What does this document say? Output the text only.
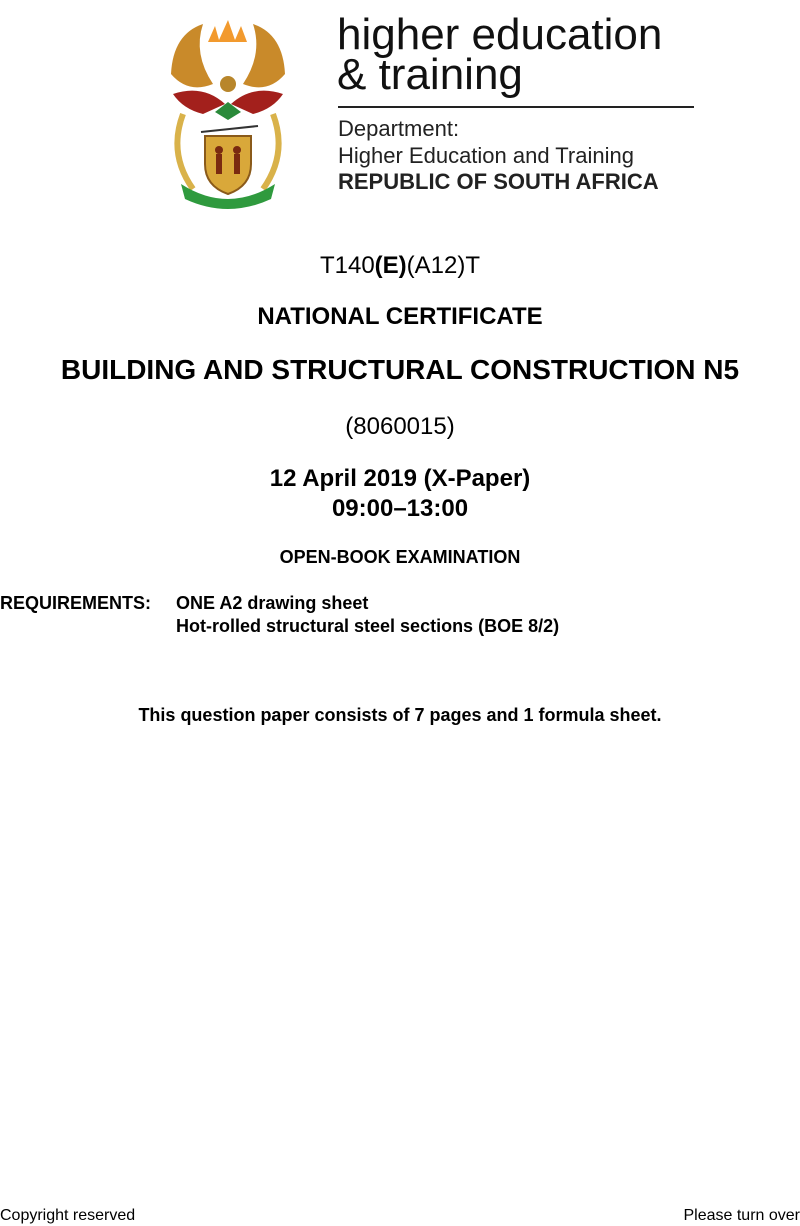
higher education
& training
Department:
Higher Education and Training
REPUBLIC OF SOUTH AFRICA
T140(E)(A12)T
NATIONAL CERTIFICATE
BUILDING AND STRUCTURAL CONSTRUCTION N5
(8060015)
12 April 2019 (X-Paper)
09:00–13:00
OPEN-BOOK EXAMINATION
REQUIREMENTS: ONE A2 drawing sheet
Hot-rolled structural steel sections (BOE 8/2)
This question paper consists of 7 pages and 1 formula sheet.
Copyright reserved	Please turn over
